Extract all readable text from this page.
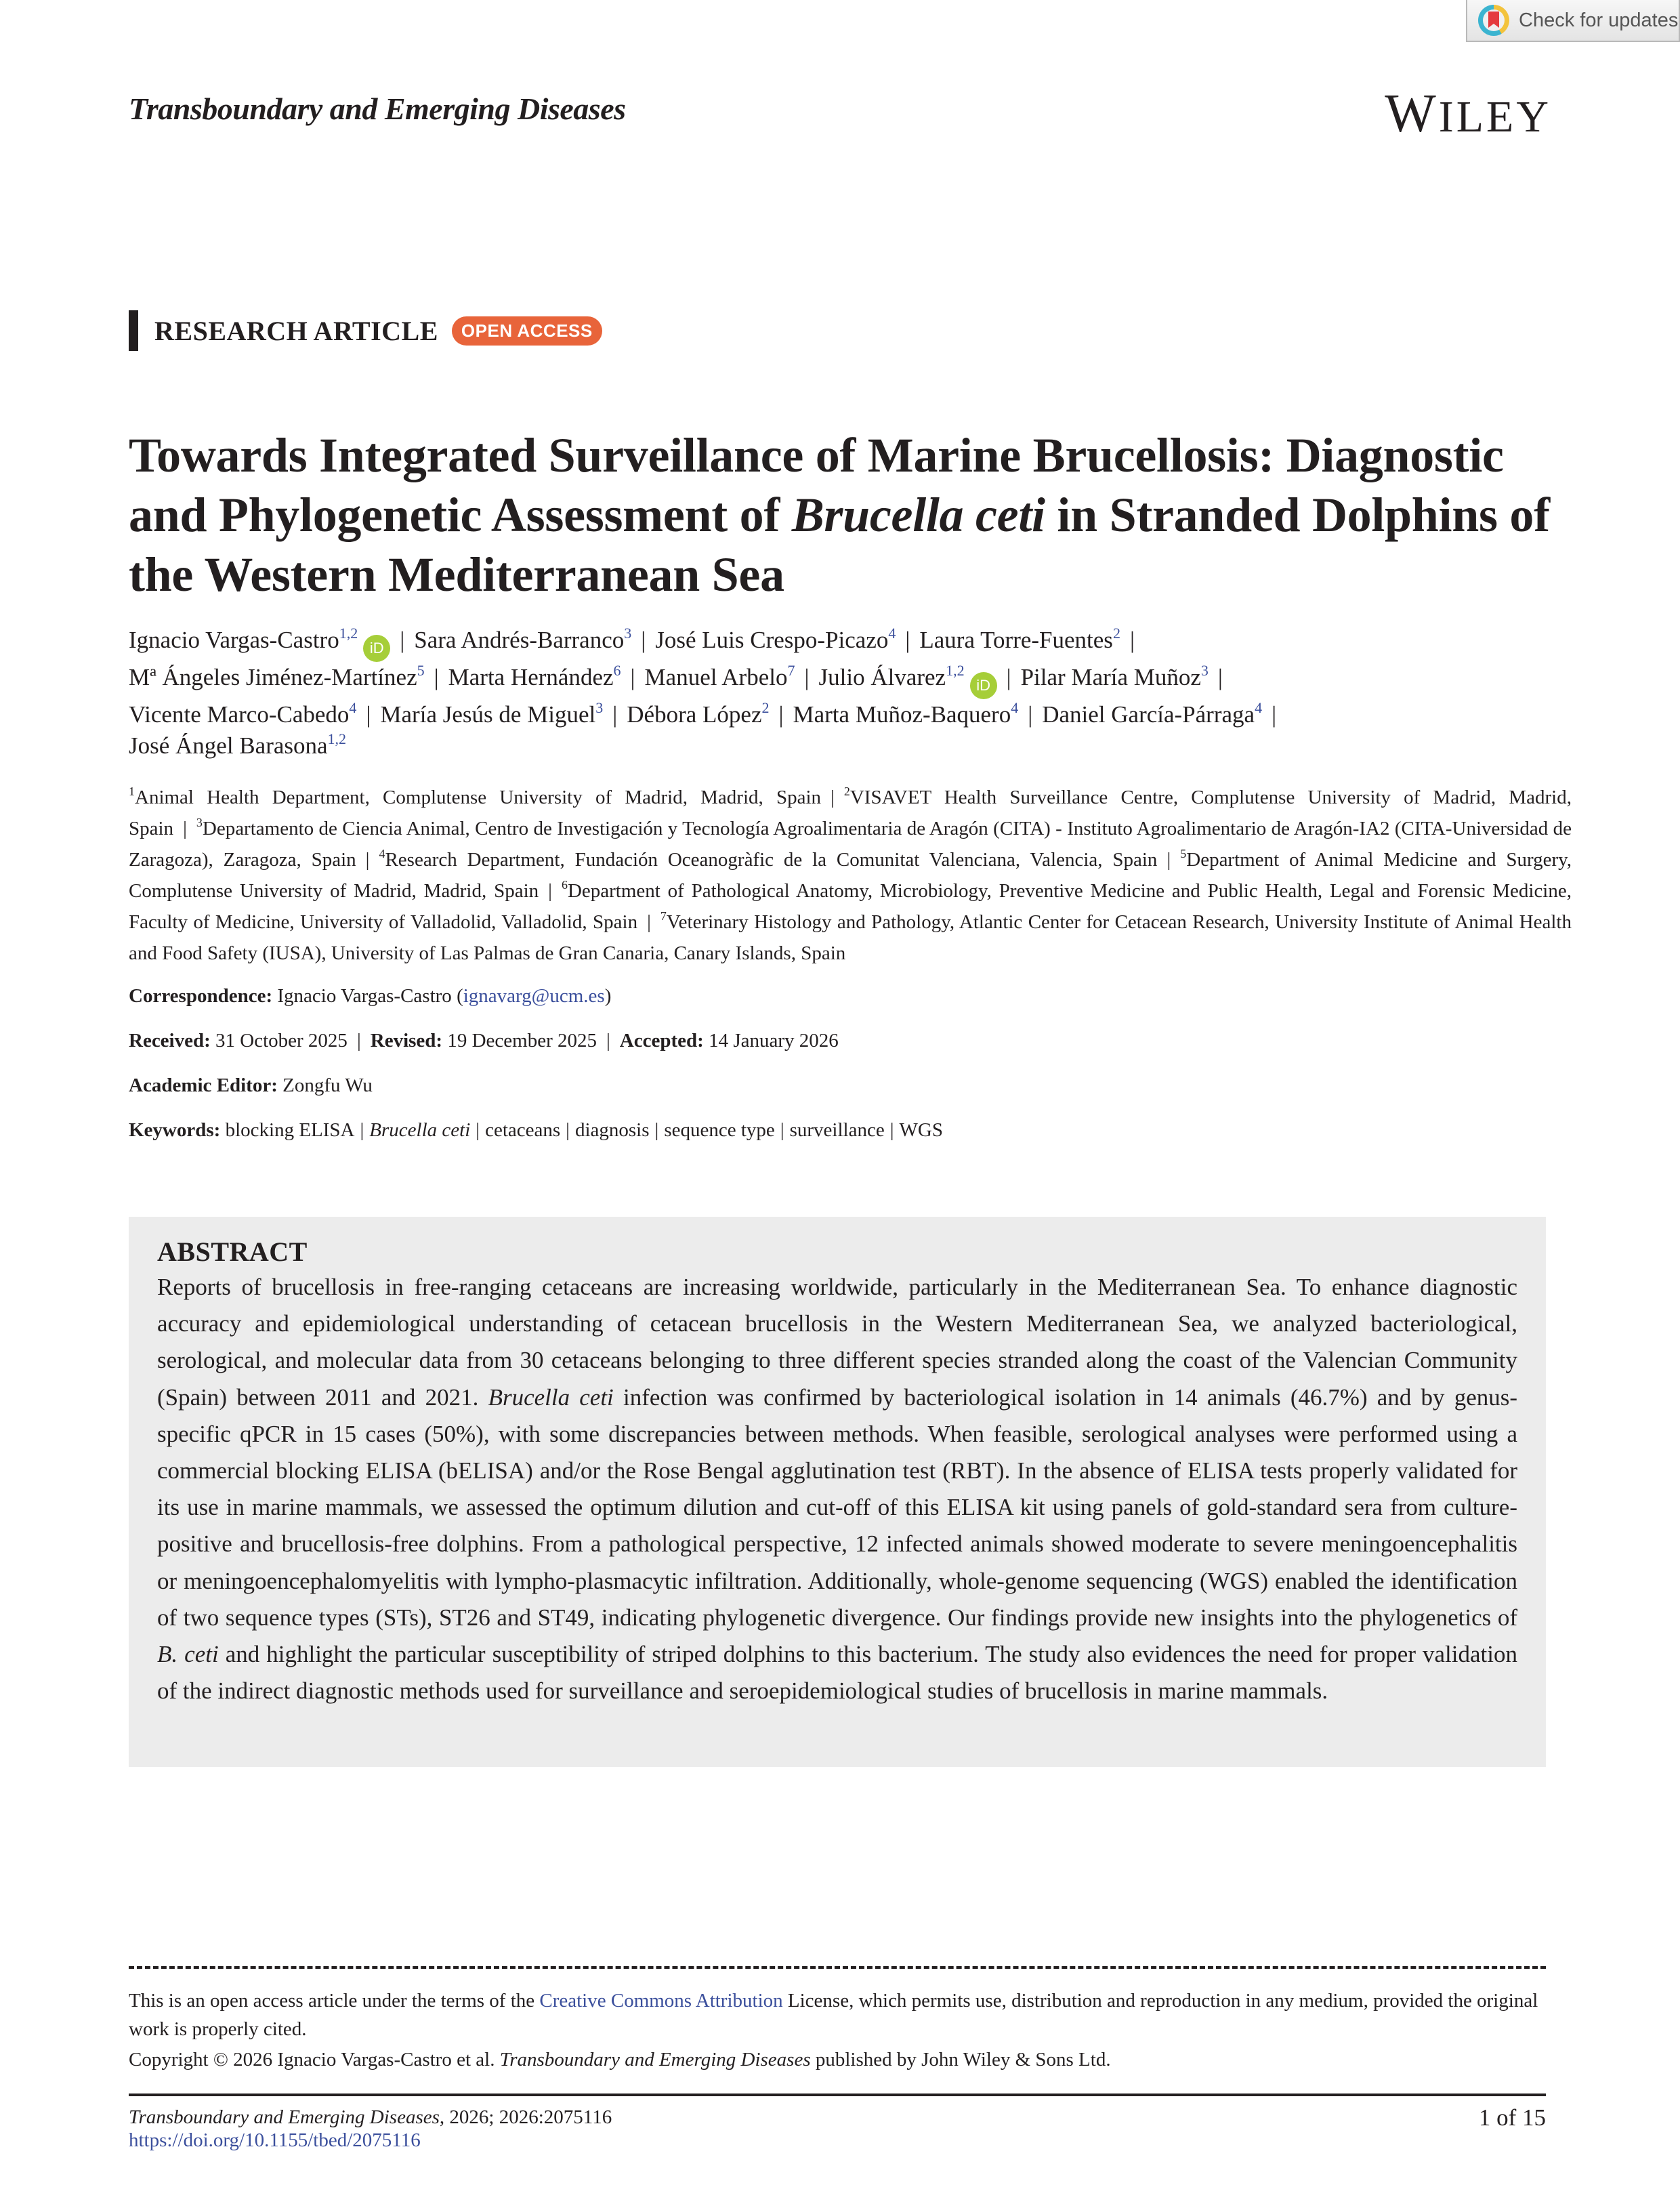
Check for updates
Transboundary and Emerging Diseases	WILEY
RESEARCH ARTICLE	OPEN ACCESS
Towards Integrated Surveillance of Marine Brucellosis: Diagnostic and Phylogenetic Assessment of Brucella ceti in Stranded Dolphins of the Western Mediterranean Sea
Ignacio Vargas-Castro$^{1,2}$iD | Sara Andrés-Barranco$^3$ | José Luis Crespo-Picazo$^4$ | Laura Torre-Fuentes$^2$ |
Mª Ángeles Jiménez-Martínez$^5$ | Marta Hernández$^6$ | Manuel Arbelo$^7$ | Julio Álvarez$^{1,2}$iD | Pilar María Muñoz$^3$ |
Vicente Marco-Cabedo$^4$ | María Jesús de Miguel$^3$ | Débora López$^2$ | Marta Muñoz-Baquero$^4$ | Daniel García-Párraga$^4$ |
José Ángel Barasona$^{1,2}$
$^1$Animal Health Department, Complutense University of Madrid, Madrid, Spain | $^2$VISAVET Health Surveillance Centre, Complutense University of Madrid, Madrid, Spain | $^3$Departamento de Ciencia Animal, Centro de Investigación y Tecnología Agroalimentaria de Aragón (CITA) - Instituto Agroalimentario de Aragón-IA2 (CITA-Universidad de Zaragoza), Zaragoza, Spain | $^4$Research Department, Fundación Oceanogràfic de la Comunitat Valenciana, Valencia, Spain | $^5$Department of Animal Medicine and Surgery, Complutense University of Madrid, Madrid, Spain | $^6$Department of Pathological Anatomy, Microbiology, Preventive Medicine and Public Health, Legal and Forensic Medicine, Faculty of Medicine, University of Valladolid, Valladolid, Spain | $^7$Veterinary Histology and Pathology, Atlantic Center for Cetacean Research, University Institute of Animal Health and Food Safety (IUSA), University of Las Palmas de Gran Canaria, Canary Islands, Spain
Correspondence: Ignacio Vargas-Castro (ignavarg@ucm.es)
Received: 31 October 2025 | Revised: 19 December 2025 | Accepted: 14 January 2026
Academic Editor: Zongfu Wu
Keywords: blocking ELISA | Brucella ceti | cetaceans | diagnosis | sequence type | surveillance | WGS
ABSTRACT

Reports of brucellosis in free-ranging cetaceans are increasing worldwide, particularly in the Mediterranean Sea. To enhance diagnostic accuracy and epidemiological understanding of cetacean brucellosis in the Western Mediterranean Sea, we analyzed bacteriological, serological, and molecular data from 30 cetaceans belonging to three different species stranded along the coast of the Valencian Community (Spain) between 2011 and 2021. Brucella ceti infection was confirmed by bacteriological isolation in 14 animals (46.7%) and by genus-specific qPCR in 15 cases (50%), with some discrepancies between methods. When feasible, serological analyses were performed using a commercial blocking ELISA (bELISA) and/or the Rose Bengal agglutination test (RBT). In the absence of ELISA tests properly validated for its use in marine mammals, we assessed the optimum dilution and cut-off of this ELISA kit using panels of gold-standard sera from culture-positive and brucellosis-free dolphins. From a pathological perspective, 12 infected animals showed moderate to severe meningoencephalitis or meningoencephalomyelitis with lympho-plasmacytic infiltration. Additionally, whole-genome sequencing (WGS) enabled the identification of two sequence types (STs), ST26 and ST49, indicating phylogenetic divergence. Our findings provide new insights into the phylogenetics of B. ceti and highlight the particular susceptibility of striped dolphins to this bacterium. The study also evidences the need for proper validation of the indirect diagnostic methods used for surveillance and seroepidemiological studies of brucellosis in marine mammals.

This is an open access article under the terms of the Creative Commons Attribution License, which permits use, distribution and reproduction in any medium, provided the original work is properly cited.
Copyright © 2026 Ignacio Vargas-Castro et al. Transboundary and Emerging Diseases published by John Wiley & Sons Ltd.
Transboundary and Emerging Diseases, 2026; 2026:2075116
https://doi.org/10.1155/tbed/2075116
1 of 15
